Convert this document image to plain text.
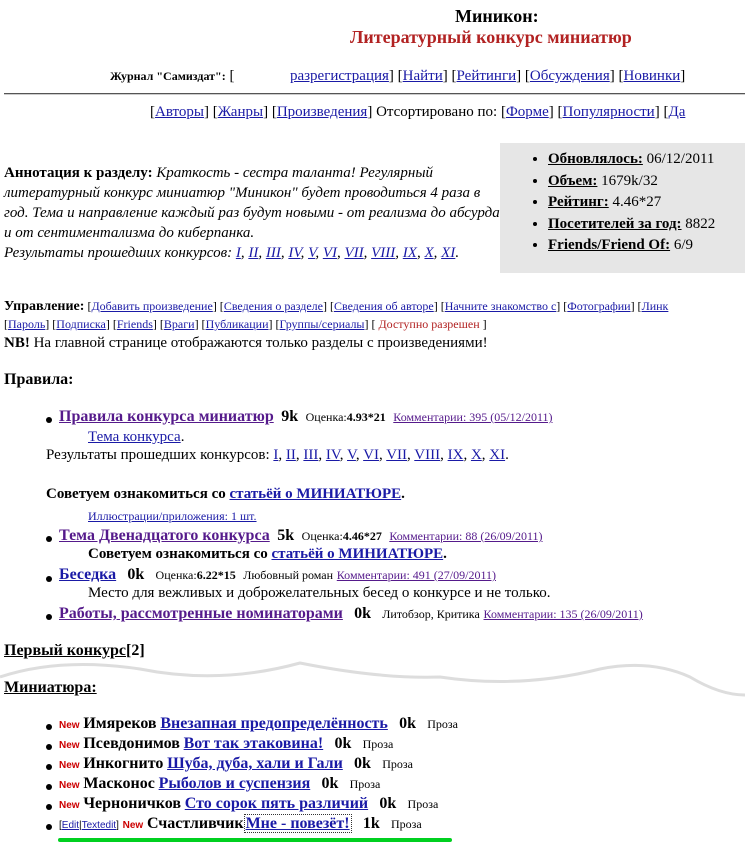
Миникон:
Литературный конкурс миниатюр
Журнал "Самиздат": [	разрегистрация] [Найти] [Рейтинги] [Обсуждения] [Новинки]
[Авторы] [Жанры] [Произведения] Отсортировано по: [Форме] [Популярности] [Да
• Обновлялось: 06/12/2011
• Объем: 1679k/32
• Рейтинг: 4.46*27
• Посетителей за год: 8822
• Friends/Friend Of: 6/9
Аннотация к разделу: Краткость - сестра таланта! Регулярный литературный конкурс миниатюр "Миникон" будет проводиться 4 раза в год. Тема и направление каждый раз будут новыми - от реализма до абсурда и от сентиментализма до киберпанка.
Результаты прошедших конкурсов: I, II, III, IV, V, VI, VII, VIII, IX, X, XI.
Управление: [Добавить произведение] [Сведения о разделе] [Сведения об авторе] [Начните знакомство с] [Фотографии] [Линк
[Пароль] [Подписка] [Friends] [Враги] [Публикации] [Группы/сериалы] [ Доступно разрешен ]
NB! На главной странице отображаются только разделы с произведениями!
Правила:
Правила конкурса миниатюр 9k Оценка:4.93*21 Комментарии: 395 (05/12/2011)
Тема конкурса.
Результаты прошедших конкурсов: I, II, III, IV, V, VI, VII, VIII, IX, X, XI.
Советуем ознакомиться со статьёй о МИНИАТЮРЕ.
Иллюстрации/приложения: 1 шт.
Тема Двенадцатого конкурса 5k Оценка:4.46*27 Комментарии: 88 (26/09/2011)
Советуем ознакомиться со статьёй о МИНИАТЮРЕ.
Беседка 0k Оценка:6.22*15 Любовный роман Комментарии: 491 (27/09/2011)
Место для вежливых и доброжелательных бесед о конкурсе и не только.
Работы, рассмотренные номинаторами 0k Литобзор, Критика Комментарии: 135 (26/09/2011)
Первый конкурс[2]
Миниатюра:
New Имяреков Внезапная предопределённость 0k Проза
New Псевдонимов Вот так этаковина! 0k Проза
New Инкогнито Шуба, дуба, хали и Гали 0k Проза
New Масконос Рыболов и суспензия 0k Проза
New Черноничков Сто сорок пять различий 0k Проза
[Edit|Textedit] New Счастливчик Мне - повезёт! 1k Проза
